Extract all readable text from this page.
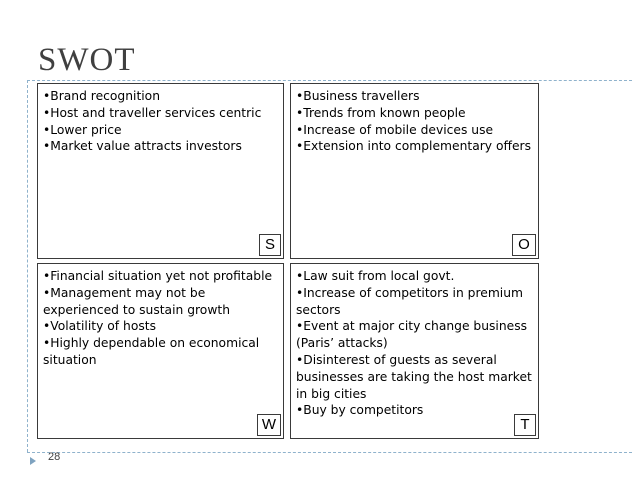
SWOT
•Brand recognition
•Host and traveller services centric
•Lower price
•Market value attracts investors
S
•Business travellers
•Trends from known people
•Increase of mobile devices use
•Extension into complementary offers
O
•Financial situation yet not profitable
•Management may not be experienced to sustain growth
•Volatility of hosts
•Highly dependable on economical situation
W
•Law suit from local govt.
•Increase of competitors in premium sectors
•Event at major city change business (Paris’ attacks)
•Disinterest of guests as several businesses are taking the host market in big cities
•Buy by competitors
T
28
